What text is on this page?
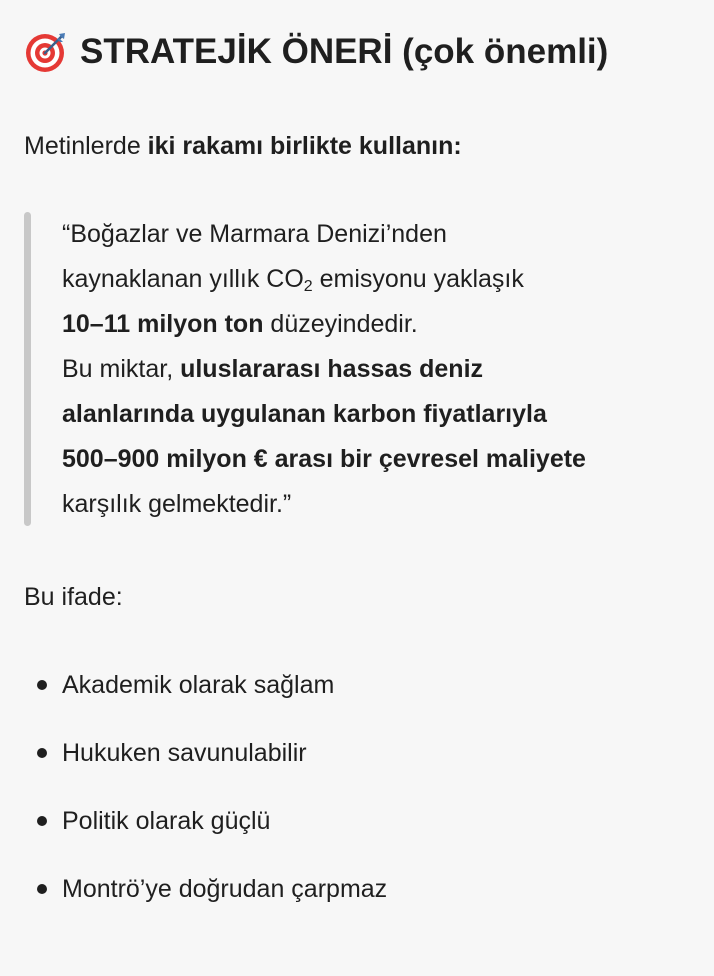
STRATEJİK ÖNERİ (çok önemli)
Metinlerde iki rakamı birlikte kullanın:
“Boğazlar ve Marmara Denizi’nden
kaynaklanan yıllık $CO_2$ emisyonu yaklaşık
10–11 milyon ton düzeyindedir.
Bu miktar, uluslararası hassas deniz
alanlarında uygulanan karbon fiyatlarıyla
500–900 milyon € arası bir çevresel maliyete
karşılık gelmektedir.”
Bu ifade:
Akademik olarak sağlam
Hukuken savunulabilir
Politik olarak güçlü
Montrö’ye doğrudan çarpmaz
